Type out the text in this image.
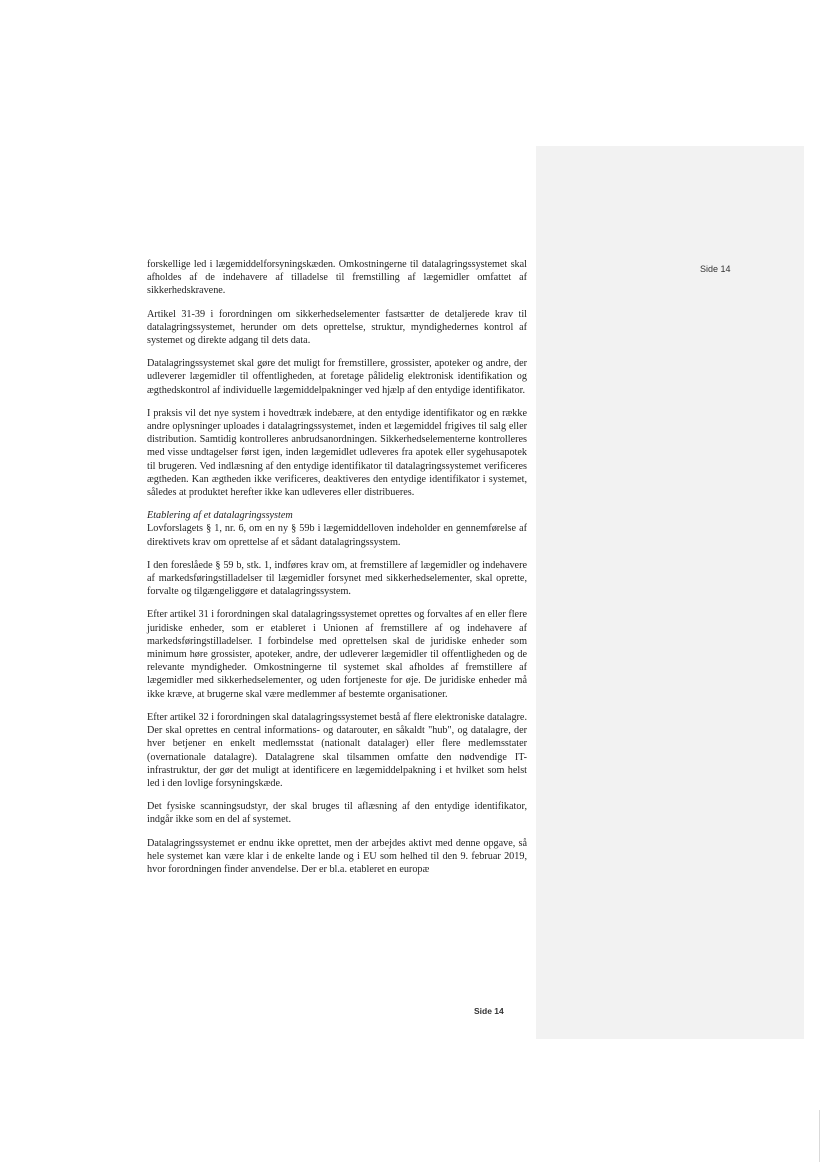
Side 14

forskellige led i lægemiddelforsyningskæden. Omkostningerne til datalagringssystemet skal afholdes af de indehavere af tilladelse til fremstilling af lægemidler omfattet af sikkerhedskravene.

Artikel 31-39 i forordningen om sikkerhedselementer fastsætter de detaljerede krav til datalagringssystemet, herunder om dets oprettelse, struktur, myndighedernes kontrol af systemet og direkte adgang til dets data.

Datalagringssystemet skal gøre det muligt for fremstillere, grossister, apoteker og andre, der udleverer lægemidler til offentligheden, at foretage pålidelig elektronisk identifikation og ægthedskontrol af individuelle lægemiddelpakninger ved hjælp af den entydige identifikator.

I praksis vil det nye system i hovedtræk indebære, at den entydige identifikator og en række andre oplysninger uploades i datalagringssystemet, inden et lægemiddel frigives til salg eller distribution. Samtidig kontrolleres anbrudsanordningen. Sikkerhedselementerne kontrolleres med visse undtagelser først igen, inden lægemidlet udleveres fra apotek eller sygehusapotek til brugeren. Ved indlæsning af den entydige identifikator til datalagringssystemet verificeres ægtheden. Kan ægtheden ikke verificeres, deaktiveres den entydige identifikator i systemet, således at produktet herefter ikke kan udleveres eller distribueres.

Etablering af et datalagringssystem

Lovforslagets § 1, nr. 6, om en ny § 59b i lægemiddelloven indeholder en gennemførelse af direktivets krav om oprettelse af et sådant datalagringssystem.

I den foreslåede § 59 b, stk. 1, indføres krav om, at fremstillere af lægemidler og indehavere af markedsføringstilladelser til lægemidler forsynet med sikkerhedselementer, skal oprette, forvalte og tilgængeliggøre et datalagringssystem.

Efter artikel 31 i forordningen skal datalagringssystemet oprettes og forvaltes af en eller flere juridiske enheder, som er etableret i Unionen af fremstillere af og indehavere af markedsføringstilladelser. I forbindelse med oprettelsen skal de juridiske enheder som minimum høre grossister, apoteker, andre, der udleverer lægemidler til offentligheden og de relevante myndigheder. Omkostningerne til systemet skal afholdes af fremstillere af lægemidler med sikkerhedselementer, og uden fortjeneste for øje. De juridiske enheder må ikke kræve, at brugerne skal være medlemmer af bestemte organisationer.

Efter artikel 32 i forordningen skal datalagringssystemet bestå af flere elektroniske datalagre. Der skal oprettes en central informations- og datarouter, en såkaldt "hub", og datalagre, der hver betjener en enkelt medlemsstat (nationalt datalager) eller flere medlemsstater (overnationale datalagre). Datalagrene skal tilsammen omfatte den nødvendige IT-infrastruktur, der gør det muligt at identificere en lægemiddelpakning i et hvilket som helst led i den lovlige forsyningskæde.

Det fysiske scanningsudstyr, der skal bruges til aflæsning af den entydige identifikator, indgår ikke som en del af systemet.

Datalagringssystemet er endnu ikke oprettet, men der arbejdes aktivt med denne opgave, så hele systemet kan være klar i de enkelte lande og i EU som helhed til den 9. februar 2019, hvor forordningen finder anvendelse. Der er bl.a. etableret en europæ

Side 14
